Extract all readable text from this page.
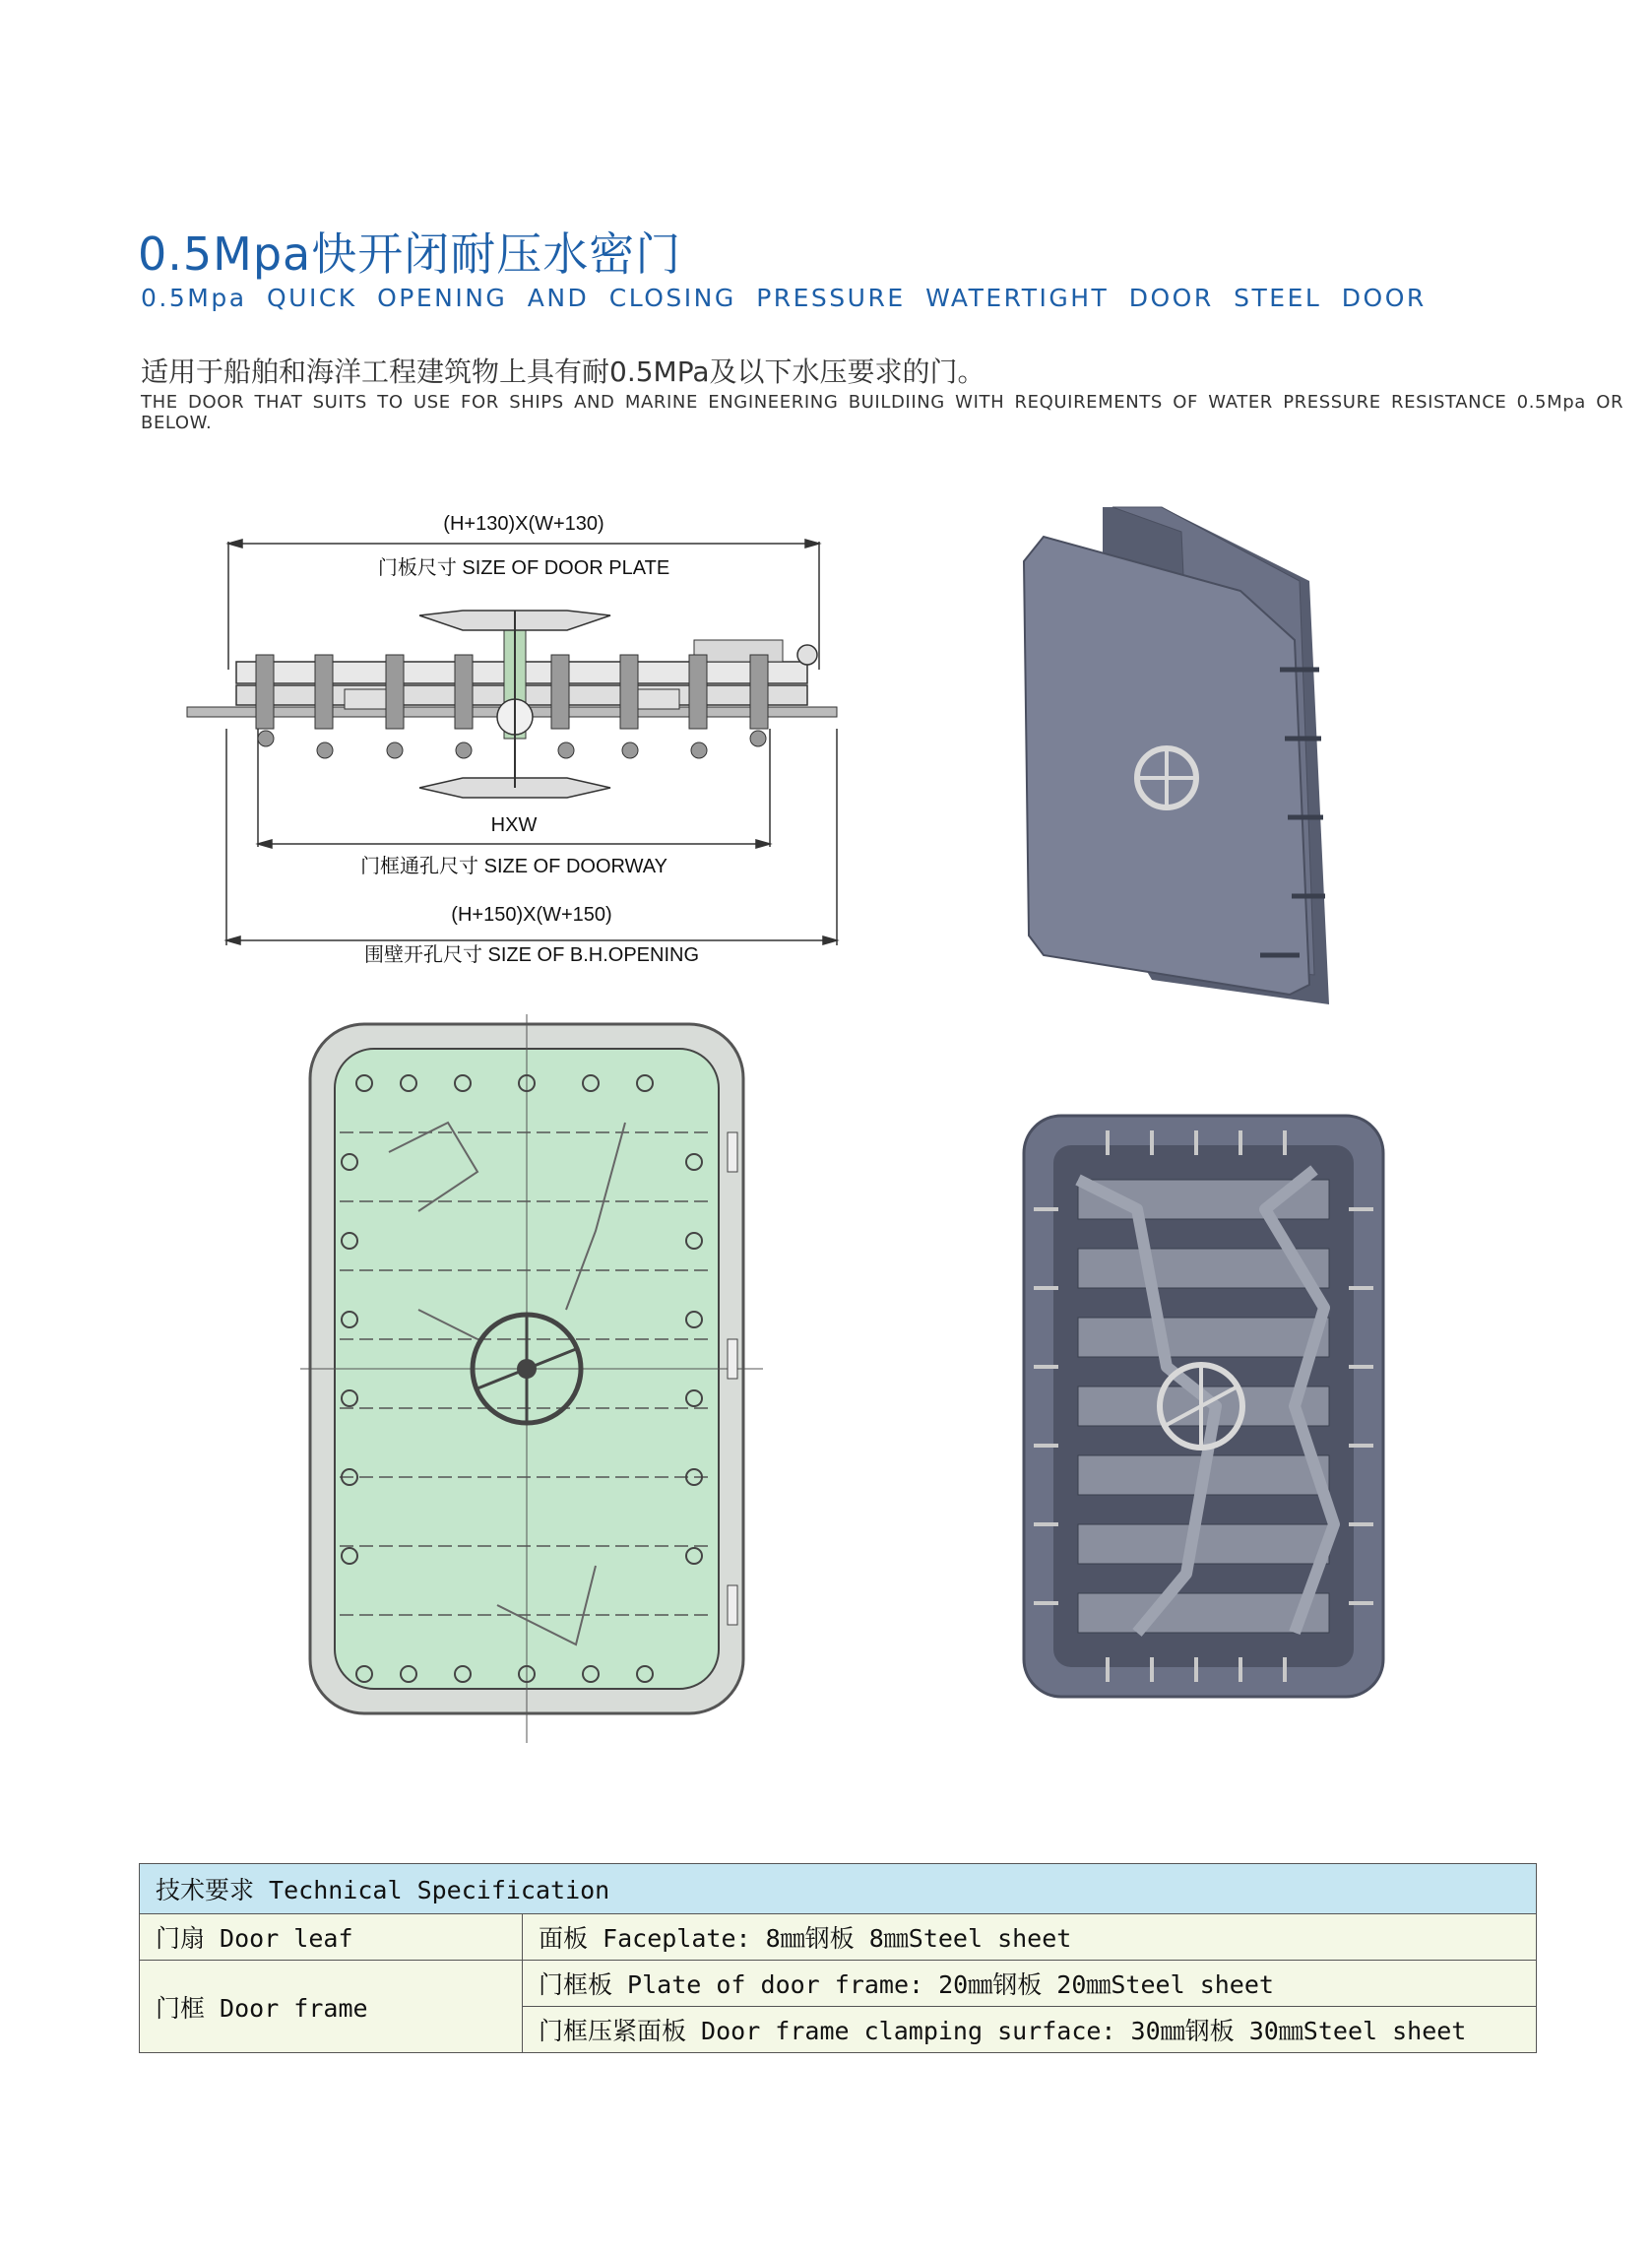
0.5Mpa快开闭耐压水密门
0.5Mpa QUICK OPENING AND CLOSING PRESSURE WATERTIGHT DOOR STEEL DOOR
适用于船舶和海洋工程建筑物上具有耐0.5MPa及以下水压要求的门。
THE DOOR THAT SUITS TO USE FOR SHIPS AND MARINE ENGINEERING BUILDIING WITH REQUIREMENTS OF WATER PRESSURE RESISTANCE 0.5Mpa OR BELOW.
(H+130)X(W+130)
门板尺寸 SIZE OF DOOR PLATE
HXW
门框通孔尺寸 SIZE OF DOORWAY
(H+150)X(W+150)
围壁开孔尺寸 SIZE OF B.H.OPENING
技术要求 Technical Specification	
门扇 Door leaf	面板 Faceplate: 8㎜钢板 8㎜Steel sheet
门框 Door frame	门框板 Plate of door frame: 20㎜钢板 20㎜Steel sheet
	门框压紧面板 Door frame clamping surface: 30㎜钢板 30㎜Steel sheet
